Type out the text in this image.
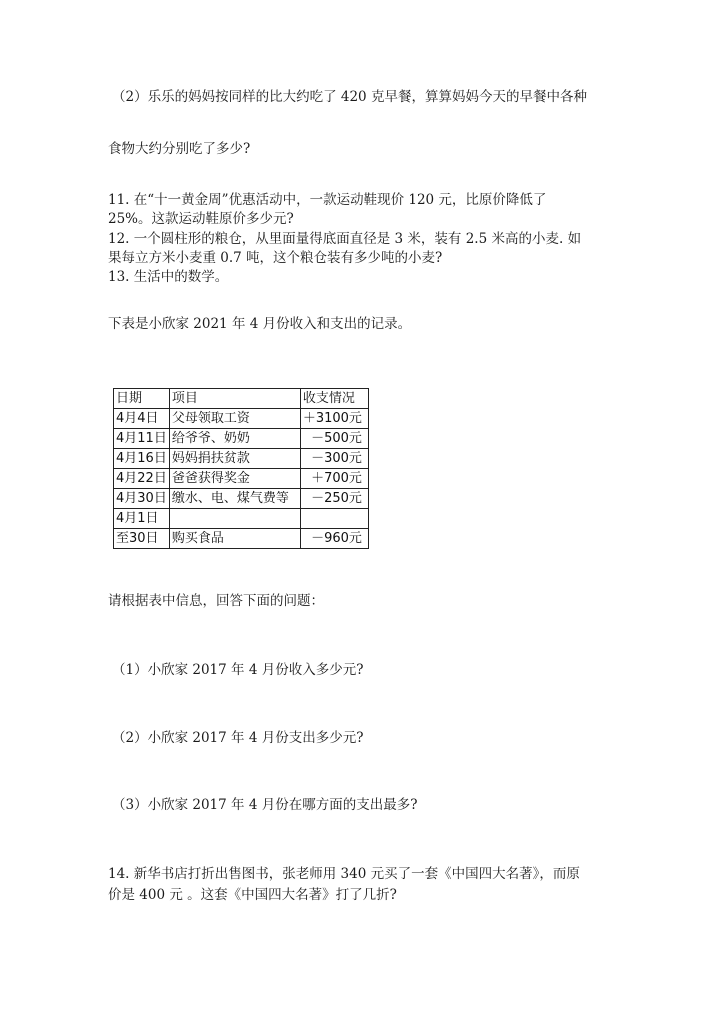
（2）乐乐的妈妈按同样的比大约吃了 420 克早餐，算算妈妈今天的早餐中各种
食物大约分别吃了多少?
11. 在“十一黄金周”优惠活动中，一款运动鞋现价 120 元，比原价降低了
25%。这款运动鞋原价多少元?
12. 一个圆柱形的粮仓，从里面量得底面直径是 3 米，装有 2.5 米高的小麦. 如
果每立方米小麦重 0.7 吨，这个粮仓装有多少吨的小麦?
13. 生活中的数学。
下表是小欣家 2021 年 4 月份收入和支出的记录。
日期	项目	收支情况
4月4日	父母领取工资	＋3100元
4月11日	给爷爷、奶奶	－500元
4月16日	妈妈捐扶贫款	－300元
4月22日	爸爸获得奖金	＋700元
4月30日	缴水、电、煤气费等	－250元
4月1日		
至30日	购买食品	－960元
请根据表中信息，回答下面的问题：
（1）小欣家 2017 年 4 月份收入多少元?
（2）小欣家 2017 年 4 月份支出多少元?
（3）小欣家 2017 年 4 月份在哪方面的支出最多?
14. 新华书店打折出售图书，张老师用 340 元买了一套《中国四大名著》，而原
价是 400 元 。这套《中国四大名著》打了几折?
